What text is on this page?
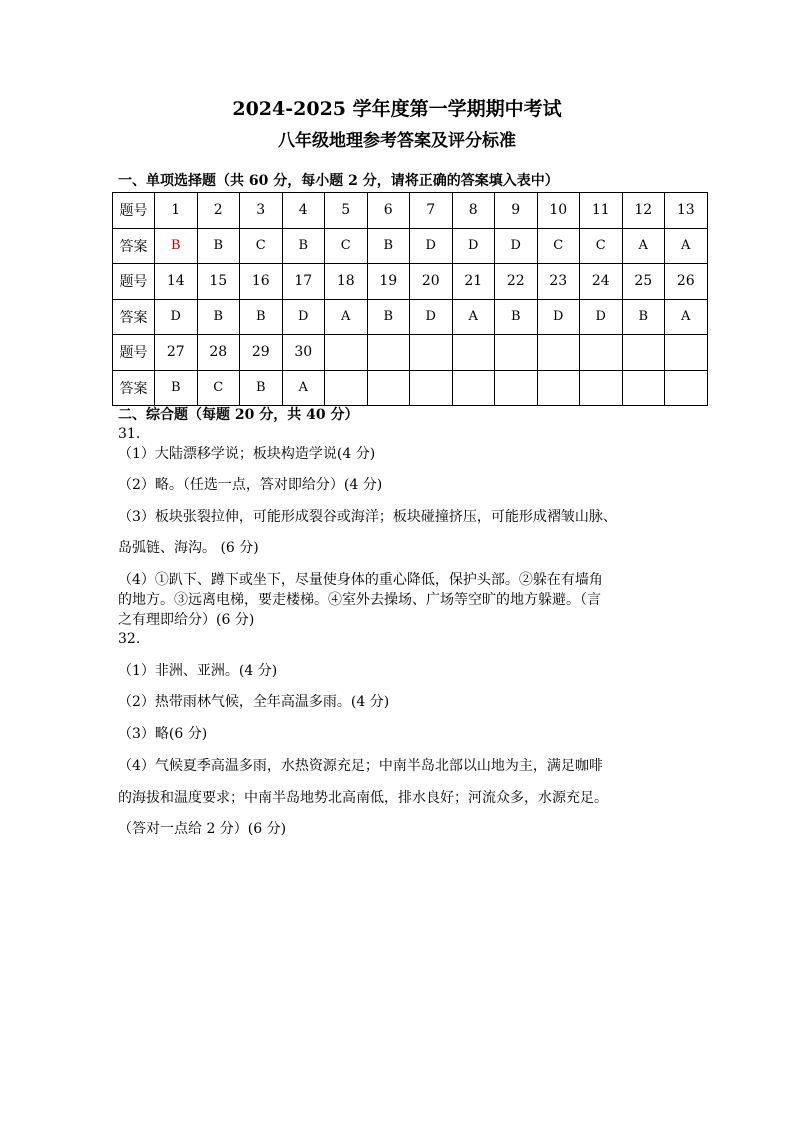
2024-2025 学年度第一学期期中考试
八年级地理参考答案及评分标准
一、单项选择题（共 60 分，每小题 2 分，请将正确的答案填入表中）
题号	1	2	3	4	5	6	7	8	9	10	11	12	13
答案	B	B	C	B	C	B	D	D	D	C	C	A	A
题号	14	15	16	17	18	19	20	21	22	23	24	25	26
答案	D	B	B	D	A	B	D	A	B	D	D	B	A
题号	27	28	29	30									
答案	B	C	B	A									
二、综合题（每题 20 分，共 40 分）
31.
（1）大陆漂移学说；板块构造学说(4 分)
（2）略。（任选一点，答对即给分）(4 分)
（3）板块张裂拉伸，可能形成裂谷或海洋；板块碰撞挤压，可能形成褶皱山脉、
岛弧链、海沟。 (6 分)
（4）①趴下、蹲下或坐下，尽量使身体的重心降低，保护头部。②躲在有墙角
的地方。③远离电梯，要走楼梯。④室外去操场、广场等空旷的地方躲避。（言
之有理即给分）(6 分)
32.
（1）非洲、亚洲。(4 分)
（2）热带雨林气候，全年高温多雨。(4 分)
（3）略(6 分)
（4）气候夏季高温多雨，水热资源充足；中南半岛北部以山地为主，满足咖啡
的海拔和温度要求；中南半岛地势北高南低，排水良好；河流众多，水源充足。
（答对一点给 2 分）(6 分)
